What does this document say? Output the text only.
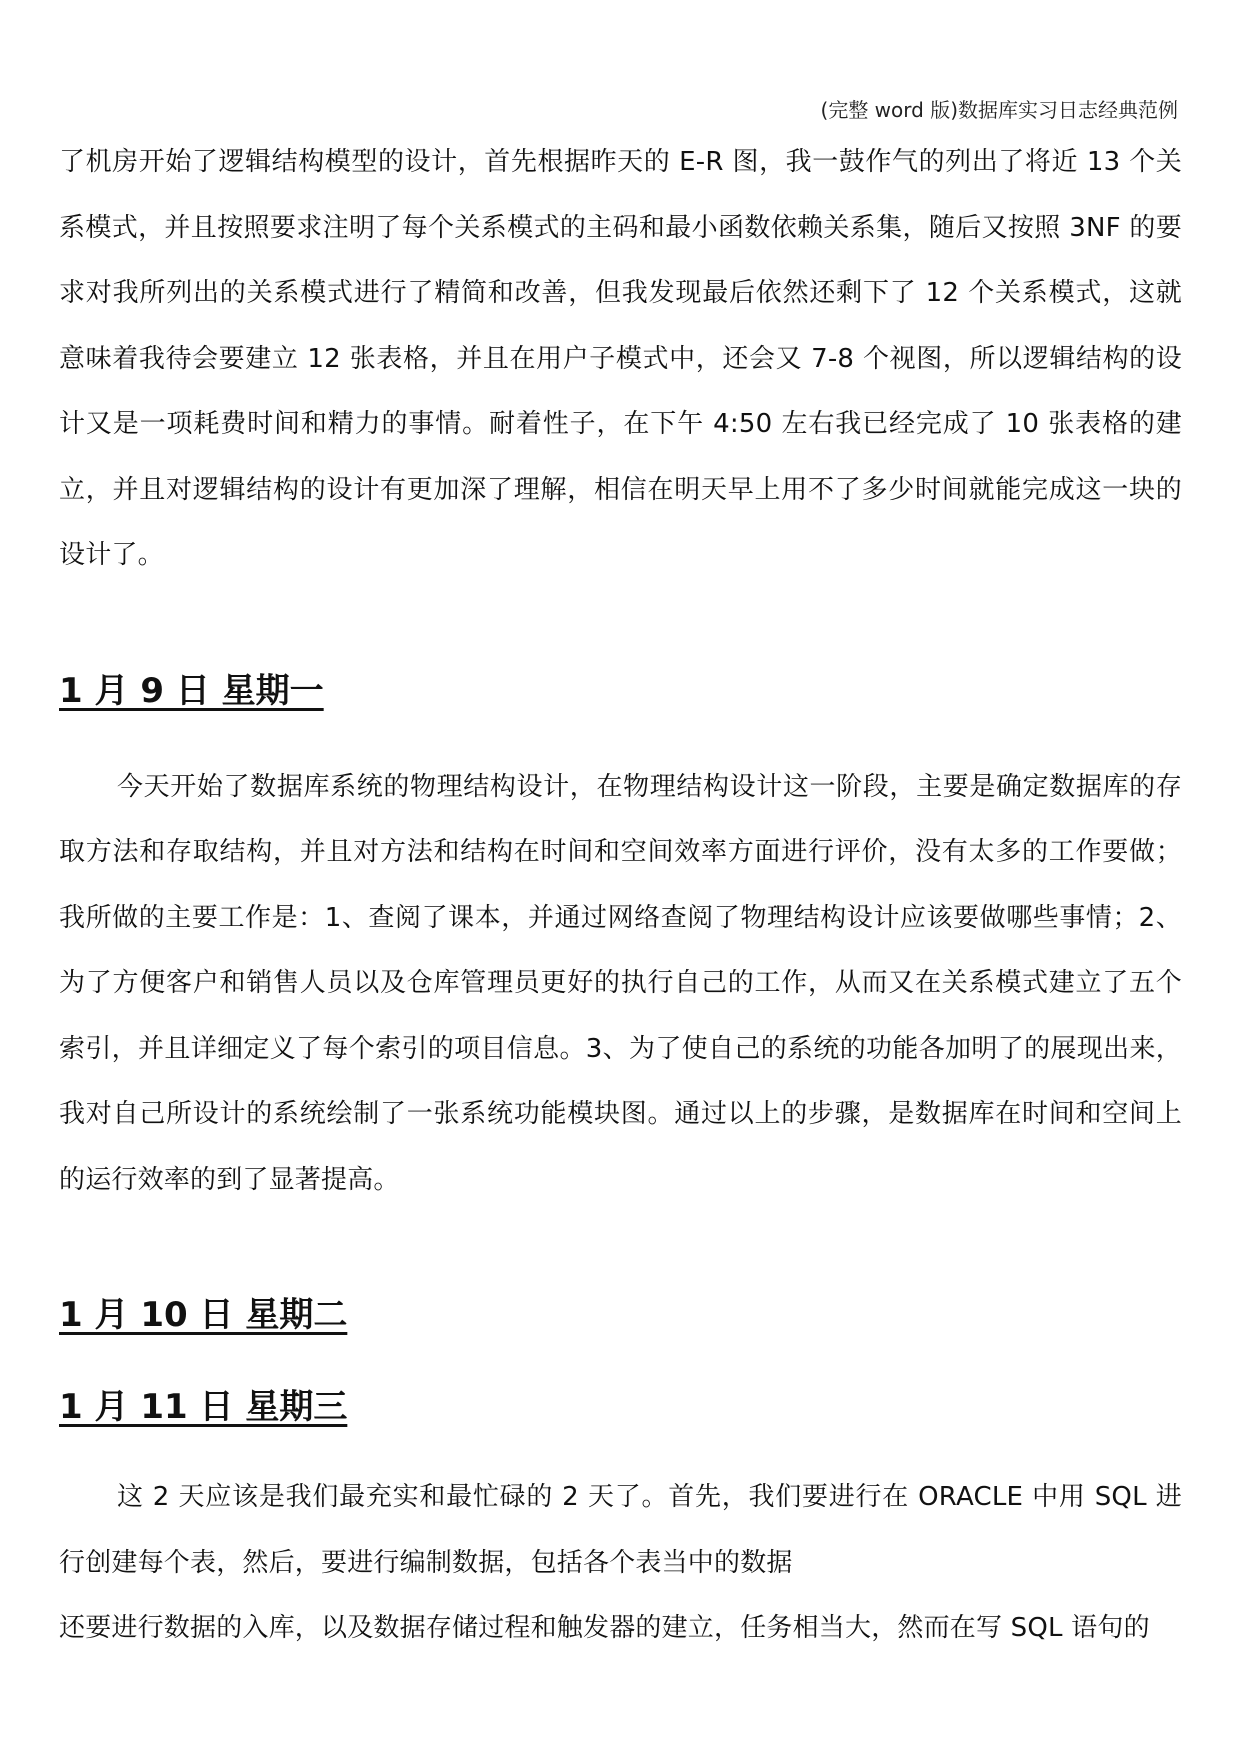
(完整 word 版)数据库实习日志经典范例

了机房开始了逻辑结构模型的设计，首先根据昨天的 E-R 图，我一鼓作气的列出了将近 13 个关系模式，并且按照要求注明了每个关系模式的主码和最小函数依赖关系集，随后又按照 3NF 的要求对我所列出的关系模式进行了精简和改善，但我发现最后依然还剩下了 12 个关系模式，这就意味着我待会要建立 12 张表格，并且在用户子模式中，还会又 7-8 个视图，所以逻辑结构的设计又是一项耗费时间和精力的事情。耐着性子，在下午 4:50 左右我已经完成了 10 张表格的建立，并且对逻辑结构的设计有更加深了理解，相信在明天早上用不了多少时间就能完成这一块的设计了。

1 月 9 日 星期一

今天开始了数据库系统的物理结构设计，在物理结构设计这一阶段，主要是确定数据库的存取方法和存取结构，并且对方法和结构在时间和空间效率方面进行评价，没有太多的工作要做；我所做的主要工作是：1、查阅了课本，并通过网络查阅了物理结构设计应该要做哪些事情；2、为了方便客户和销售人员以及仓库管理员更好的执行自己的工作，从而又在关系模式建立了五个索引，并且详细定义了每个索引的项目信息。3、为了使自己的系统的功能各加明了的展现出来，我对自己所设计的系统绘制了一张系统功能模块图。通过以上的步骤，是数据库在时间和空间上的运行效率的到了显著提高。

1 月 10 日 星期二
1 月 11 日 星期三
这 2 天应该是我们最充实和最忙碌的 2 天了。首先，我们要进行在 ORACLE 中用 SQL 进行创建每个表，然后，要进行编制数据，包括各个表当中的数据
还要进行数据的入库，以及数据存储过程和触发器的建立，任务相当大，然而在写 SQL 语句的
